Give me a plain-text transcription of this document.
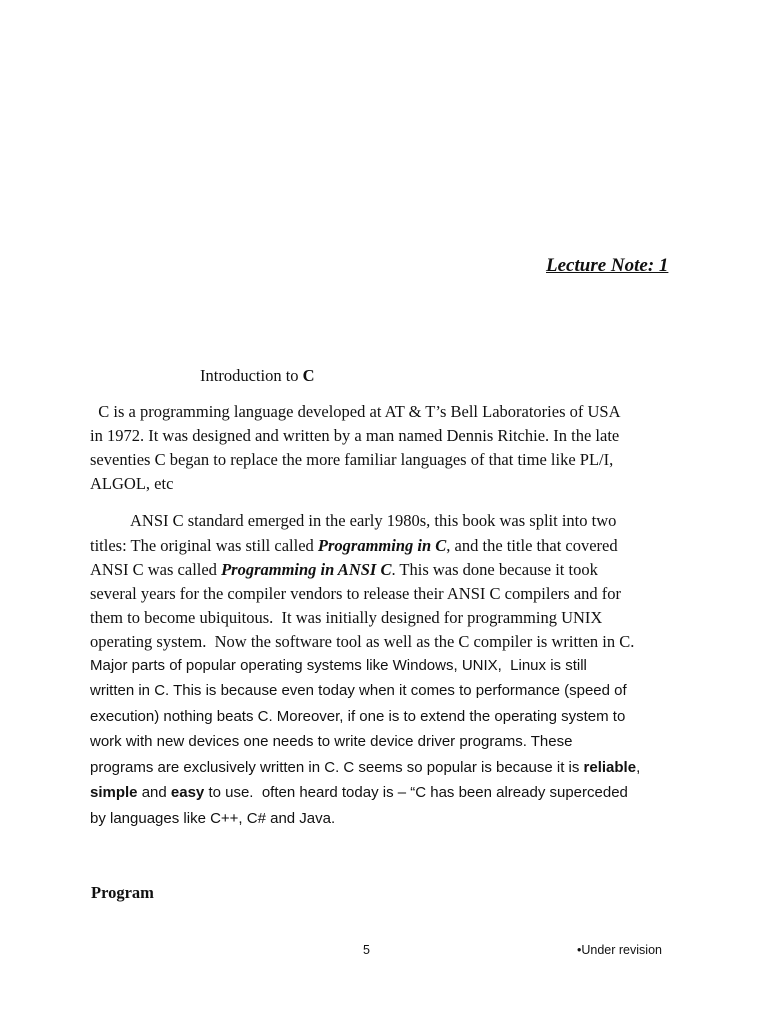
Lecture Note: 1
Introduction to C
C is a programming language developed at AT & T’s Bell Laboratories of USA
in 1972. It was designed and written by a man named Dennis Ritchie. In the late
seventies C began to replace the more familiar languages of that time like PL/I,
ALGOL, etc
ANSI C standard emerged in the early 1980s, this book was split into two
titles: The original was still called Programming in C, and the title that covered
ANSI C was called Programming in ANSI C. This was done because it took
several years for the compiler vendors to release their ANSI C compilers and for
them to become ubiquitous.  It was initially designed for programming UNIX
operating system.  Now the software tool as well as the C compiler is written in C.
Major parts of popular operating systems like Windows, UNIX,  Linux is still
written in C. This is because even today when it comes to performance (speed of
execution) nothing beats C. Moreover, if one is to extend the operating system to
work with new devices one needs to write device driver programs. These
programs are exclusively written in C. C seems so popular is because it is reliable,
simple and easy to use.  often heard today is – “C has been already superceded
by languages like C++, C# and Java.
Program
5	•Under revision
